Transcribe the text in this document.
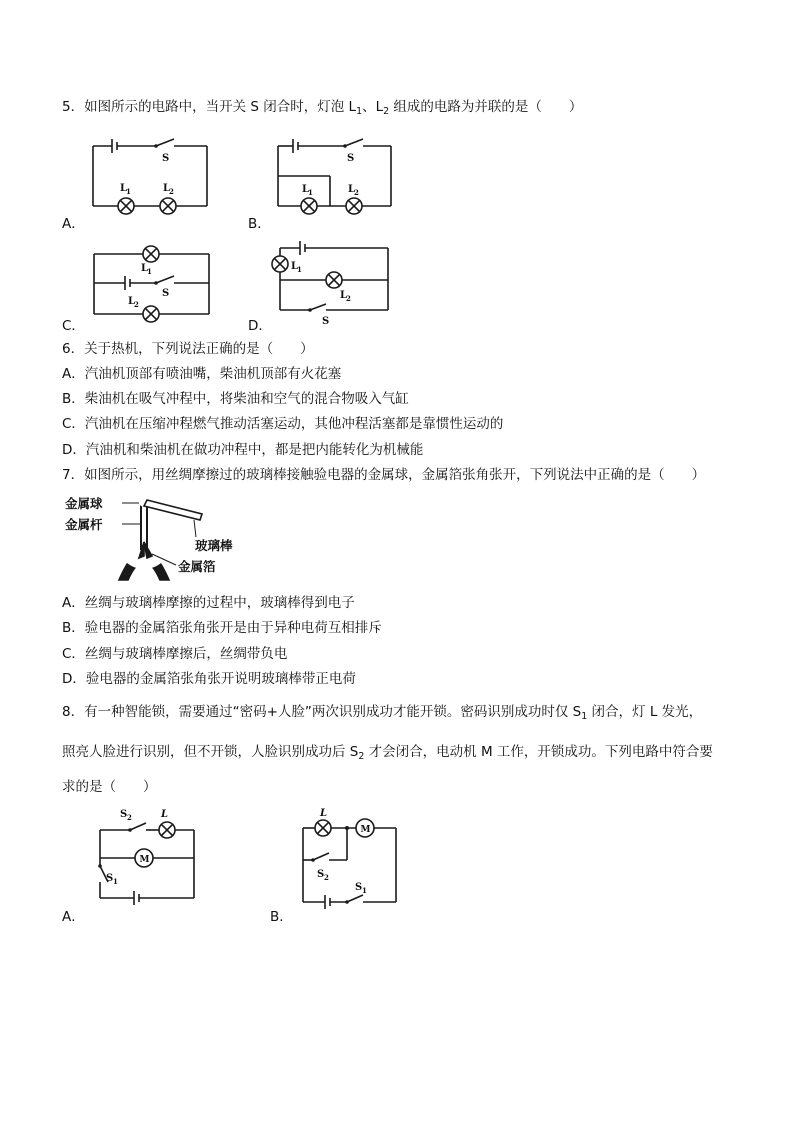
5．如图所示的电路中，当开关 S 闭合时，灯泡 $L_1$、$L_2$ 组成的电路为并联的是（　　）
S
L
1	L
2
A．
S
L
1	L
2
B．
L
1
S
L
2
C．
L
1
L
2
S
D．
6．关于热机，下列说法正确的是（　　）
A．汽油机顶部有喷油嘴，柴油机顶部有火花塞
B．柴油机在吸气冲程中，将柴油和空气的混合物吸入气缸
C．汽油机在压缩冲程燃气推动活塞运动，其他冲程活塞都是靠惯性运动的
D．汽油机和柴油机在做功冲程中，都是把内能转化为机械能
7．如图所示，用丝绸摩擦过的玻璃棒接触验电器的金属球，金属箔张角张开，下列说法中正确的是（　　）
金属球
金属杆
玻璃棒
金属箔
A．丝绸与玻璃棒摩擦的过程中，玻璃棒得到电子
B．验电器的金属箔张角张开是由于异种电荷互相排斥
C．丝绸与玻璃棒摩擦后，丝绸带负电
D．验电器的金属箔张角张开说明玻璃棒带正电荷
8．有一种智能锁，需要通过“密码+人脸”两次识别成功才能开锁。密码识别成功时仅 $S_1$ 闭合，灯 L 发光，
照亮人脸进行识别，但不开锁，人脸识别成功后 $S_2$ 才会闭合，电动机 M 工作，开锁成功。下列电路中符合要
求的是（　　）
M
S 2	L
S 1
A．
M
L
S 2
S 1
B．
